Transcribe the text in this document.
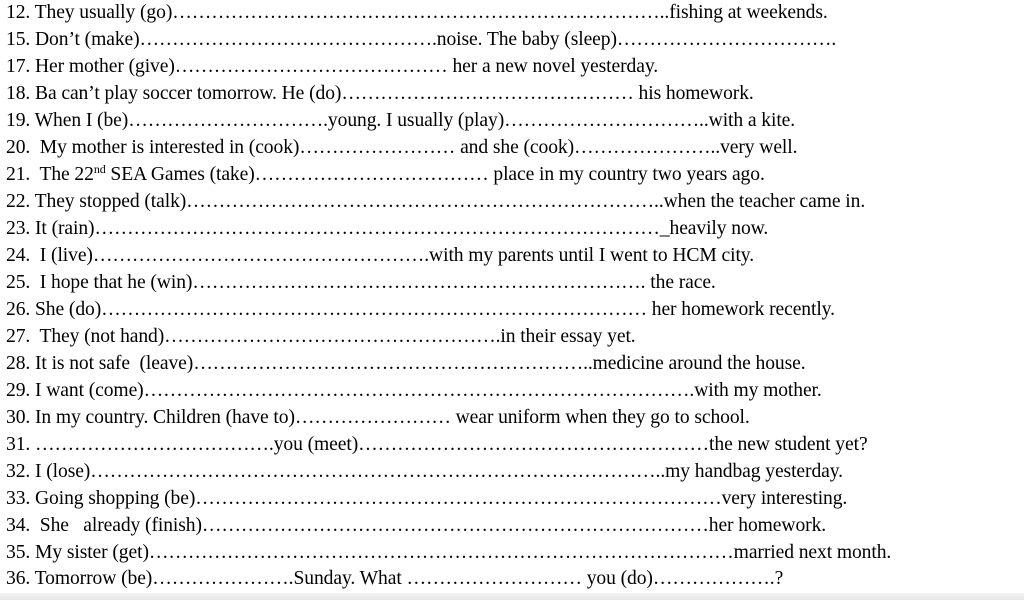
12. They usually (go)…………………………………………………………………..fishing at weekends.
15. Don’t (make)……………………………………….noise. The baby (sleep)…………………………….
17. Her mother (give)…………………………………… her a new novel yesterday.
18. Ba can’t play soccer tomorrow. He (do)……………………………………… his homework.
19. When I (be)………………………….young. I usually (play)…………………………..with a kite.
20.  My mother is interested in (cook)…………………… and she (cook)…………………..very well.
21.  The 22nd SEA Games (take)……………………………… place in my country two years ago.
22. They stopped (talk)………………………………………………………………..when the teacher came in.
23. It (rain)……………………………………………………………………………_heavily now.
24.  I (live)…………………………………………….with my parents until I went to HCM city.
25.  I hope that he (win)……………………………………………………………. the race.
26. She (do)………………………………………………………………………… her homework recently.
27.  They (not hand)…………………………………………….in their essay yet.
28. It is not safe  (leave)……………………………………………………..medicine around the house.
29. I want (come)………………………………………………………………………….with my mother.
30. In my country. Children (have to)…………………… wear uniform when they go to school.
31. ……………………………….you (meet)………………………………………………the new student yet?
32. I (lose)……………………………………………………………………………..my handbag yesterday.
33. Going shopping (be)………………………………………………………………………very interesting.
34.  She   already (finish)……………………………………………………………………her homework.
35. My sister (get)………………………………………………………………………………married next month.
36. Tomorrow (be)………………….Sunday. What ……………………… you (do)……………….?
